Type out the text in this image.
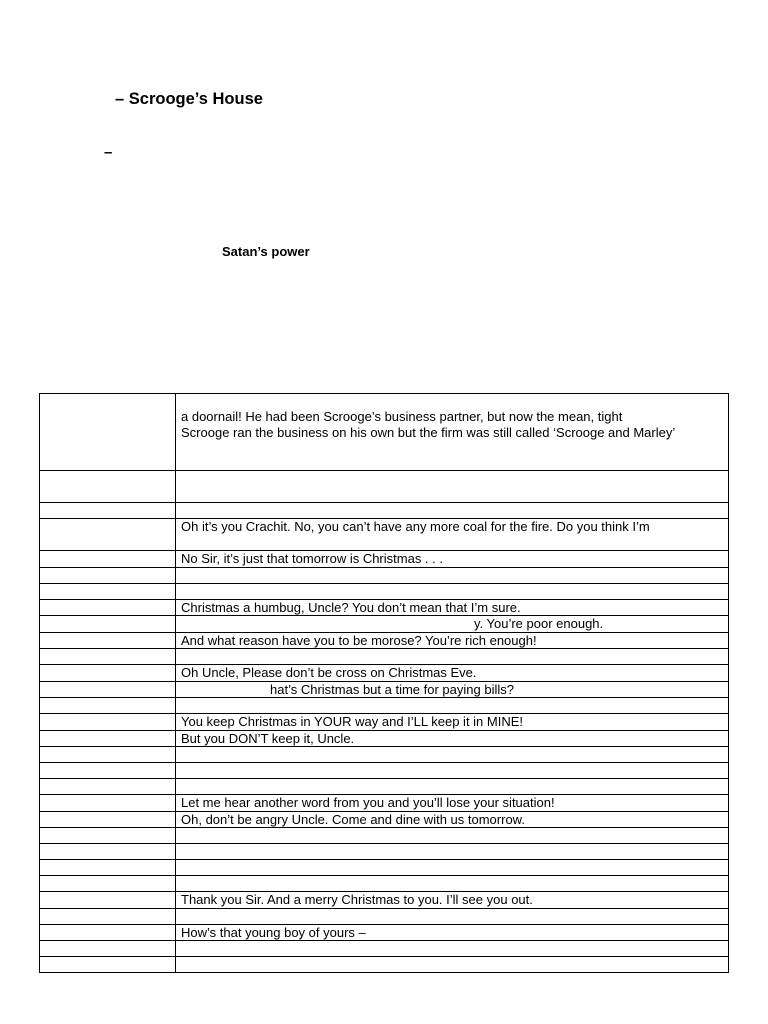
– Scrooge’s House
–
Satan’s power

	a doornail! He had been Scrooge’s business partner, but now the mean, tight
Scrooge ran the business on his own but the firm was still called ‘Scrooge and Marley’

	Oh it’s you Crachit. No, you can’t have any more coal for the fire. Do you think I’m

	No Sir, it’s just that tomorrow is Christmas . . .

	Christmas a humbug, Uncle? You don’t mean that I’m sure.

	y. You’re poor enough.

	And what reason have you to be morose? You’re rich enough!

	Oh Uncle, Please don’t be cross on Christmas Eve.

	hat’s Christmas but a time for paying bills?

	You keep Christmas in YOUR way and I’LL keep it in MINE!

	But you DON’T keep it, Uncle.

	Let me hear another word from you and you’ll lose your situation!

	Oh, don’t be angry Uncle. Come and dine with us tomorrow.

	Thank you Sir. And a merry Christmas to you. I’ll see you out.

	How’s that young boy of yours –
